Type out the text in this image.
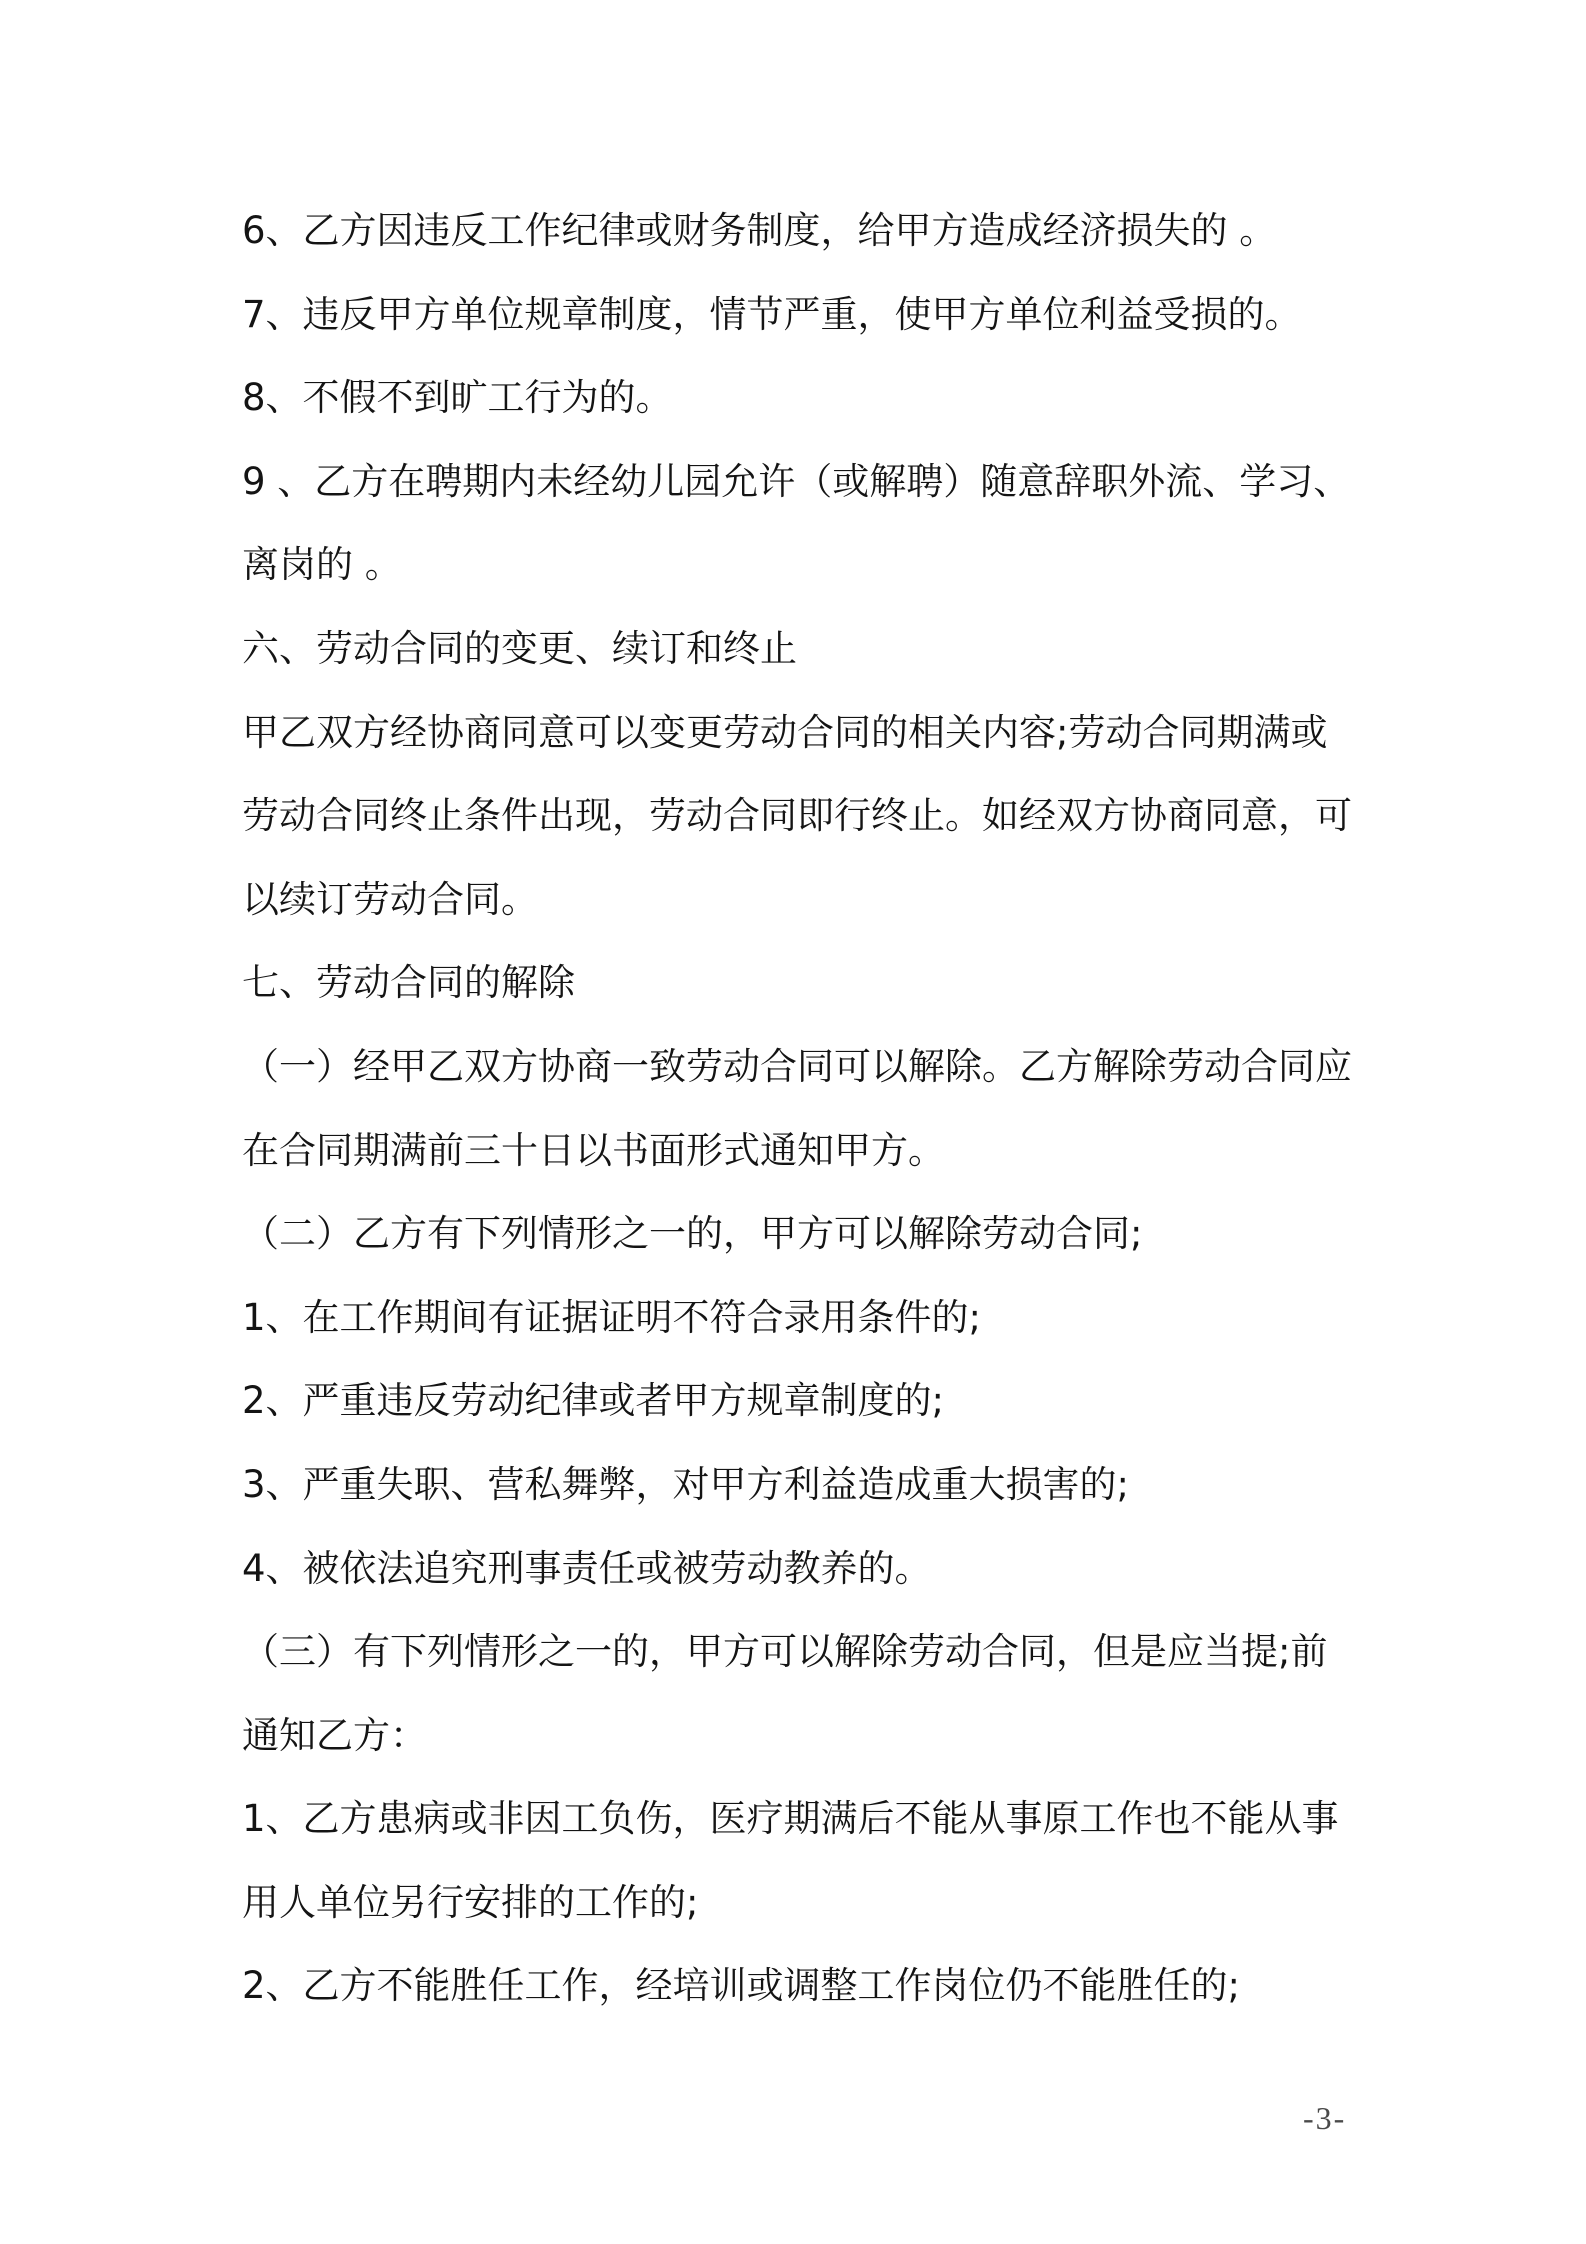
6、乙方因违反工作纪律或财务制度，给甲方造成经济损失的 。
7、违反甲方单位规章制度，情节严重，使甲方单位利益受损的。
8、不假不到旷工行为的。
9 、乙方在聘期内未经幼儿园允许（或解聘）随意辞职外流、学习、
离岗的 。
六、劳动合同的变更、续订和终止
甲乙双方经协商同意可以变更劳动合同的相关内容;劳动合同期满或
劳动合同终止条件出现，劳动合同即行终止。如经双方协商同意，可
以续订劳动合同。
七、劳动合同的解除
（一）经甲乙双方协商一致劳动合同可以解除。乙方解除劳动合同应
在合同期满前三十日以书面形式通知甲方。
（二）乙方有下列情形之一的，甲方可以解除劳动合同;
1、在工作期间有证据证明不符合录用条件的;
2、严重违反劳动纪律或者甲方规章制度的;
3、严重失职、营私舞弊，对甲方利益造成重大损害的;
4、被依法追究刑事责任或被劳动教养的。
（三）有下列情形之一的，甲方可以解除劳动合同，但是应当提;前
通知乙方：
1、乙方患病或非因工负伤，医疗期满后不能从事原工作也不能从事
用人单位另行安排的工作的;
2、乙方不能胜任工作，经培训或调整工作岗位仍不能胜任的;
-3-
